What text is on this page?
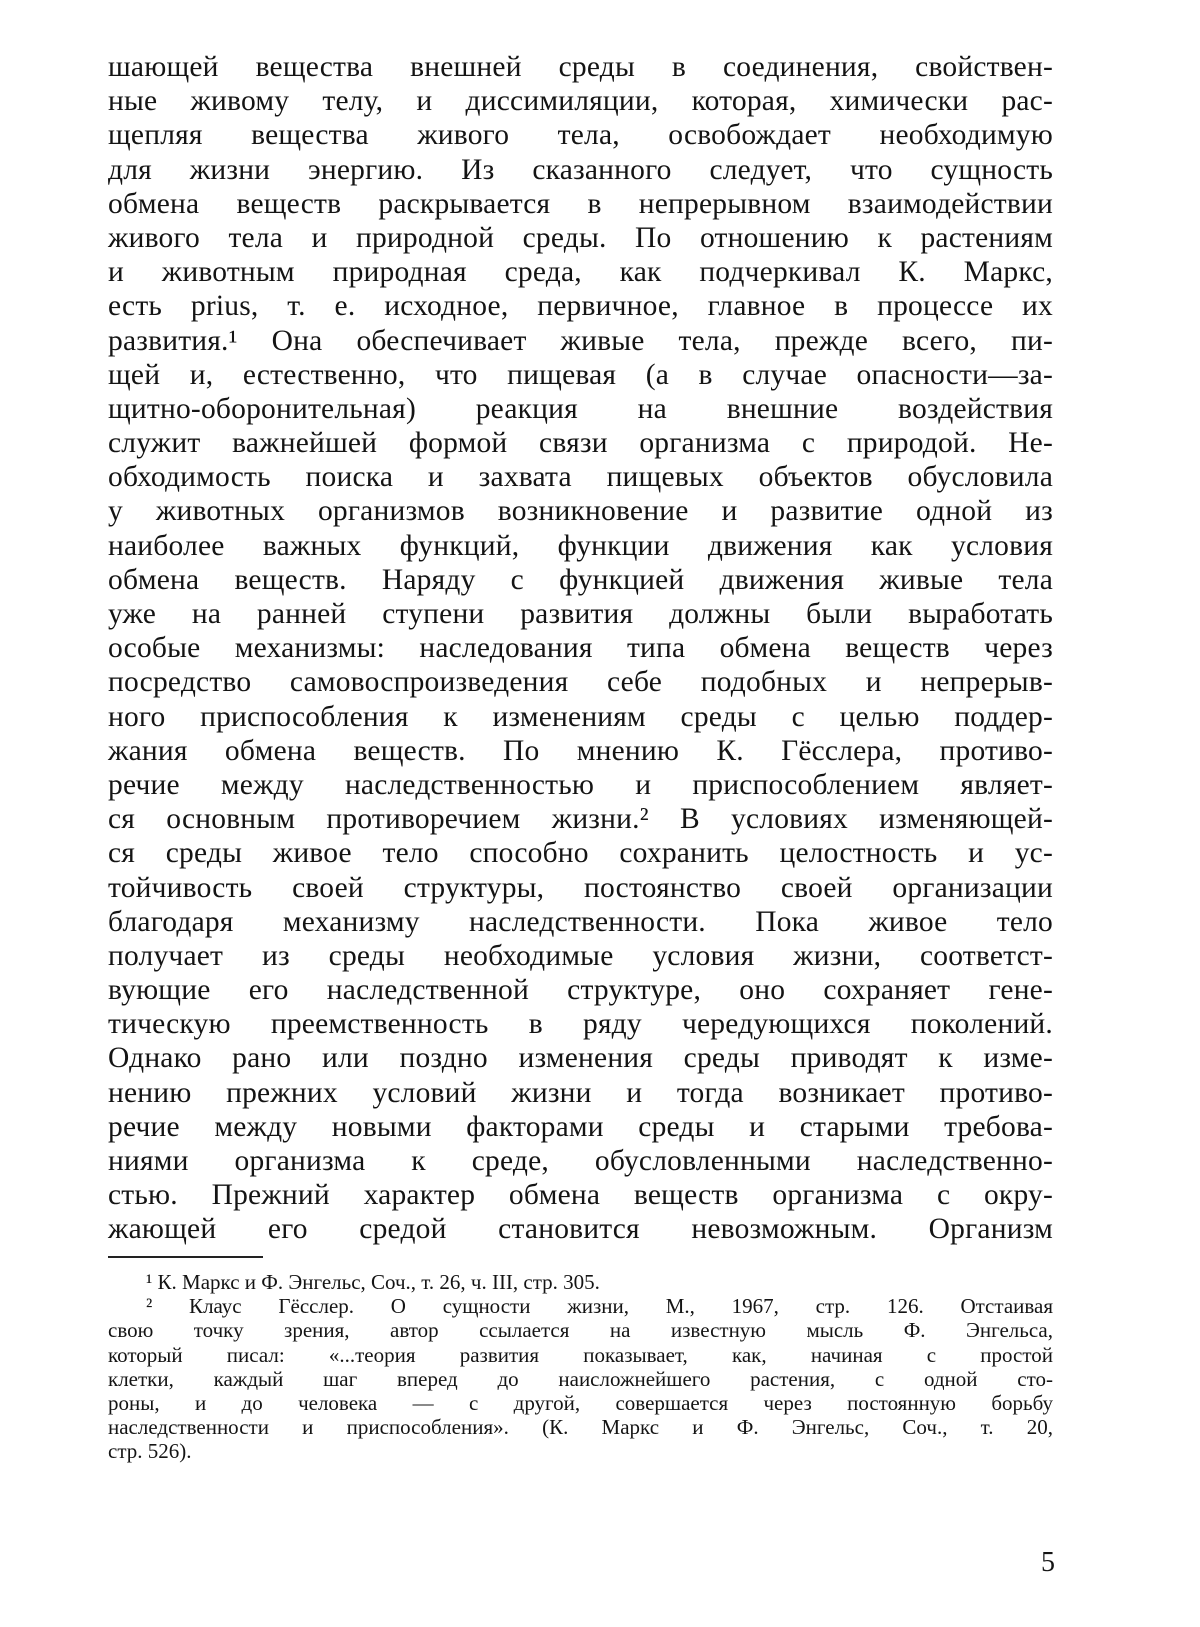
шающей вещества внешней среды в соединения, свойствен-
ные живому телу, и диссимиляции, которая, химически рас-
щепляя вещества живого тела, освобождает необходимую
для жизни энергию. Из сказанного следует, что сущность
обмена веществ раскрывается в непрерывном взаимодействии
живого тела и природной среды. По отношению к растениям
и животным природная среда, как подчеркивал К. Маркс,
есть prius, т. е. исходное, первичное, главное в процессе их
развития.¹ Она обеспечивает живые тела, прежде всего, пи-
щей и, естественно, что пищевая (а в случае опасности—за-
щитно-оборонительная) реакция на внешние воздействия
служит важнейшей формой связи организма с природой. Не-
обходимость поиска и захвата пищевых объектов обусловила
у животных организмов возникновение и развитие одной из
наиболее важных функций, функции движения как условия
обмена веществ. Наряду с функцией движения живые тела
уже на ранней ступени развития должны были выработать
особые механизмы: наследования типа обмена веществ через
посредство самовоспроизведения себе подобных и непрерыв-
ного приспособления к изменениям среды с целью поддер-
жания обмена веществ. По мнению К. Гёсслера, противо-
речие между наследственностью и приспособлением являет-
ся основным противоречием жизни.² В условиях изменяющей-
ся среды живое тело способно сохранить целостность и ус-
тойчивость своей структуры, постоянство своей организации
благодаря механизму наследственности. Пока живое тело
получает из среды необходимые условия жизни, соответст-
вующие его наследственной структуре, оно сохраняет гене-
тическую преемственность в ряду чередующихся поколений.
Однако рано или поздно изменения среды приводят к изме-
нению прежних условий жизни и тогда возникает противо-
речие между новыми факторами среды и старыми требова-
ниями организма к среде, обусловленными наследственно-
стью. Прежний характер обмена веществ организма с окру-
жающей его средой становится невозможным. Организм
¹ К. Маркс и Ф. Энгельс, Соч., т. 26, ч. III, стр. 305.
² Клаус Гёсслер. О сущности жизни, М., 1967, стр. 126. Отстаивая
свою точку зрения, автор ссылается на известную мысль Ф. Энгельса,
который писал: «...теория развития показывает, как, начиная с простой
клетки, каждый шаг вперед до наисложнейшего растения, с одной сто-
роны, и до человека — с другой, совершается через постоянную борьбу
наследственности и приспособления». (К. Маркс и Ф. Энгельс, Соч., т. 20,
стр. 526).
5
